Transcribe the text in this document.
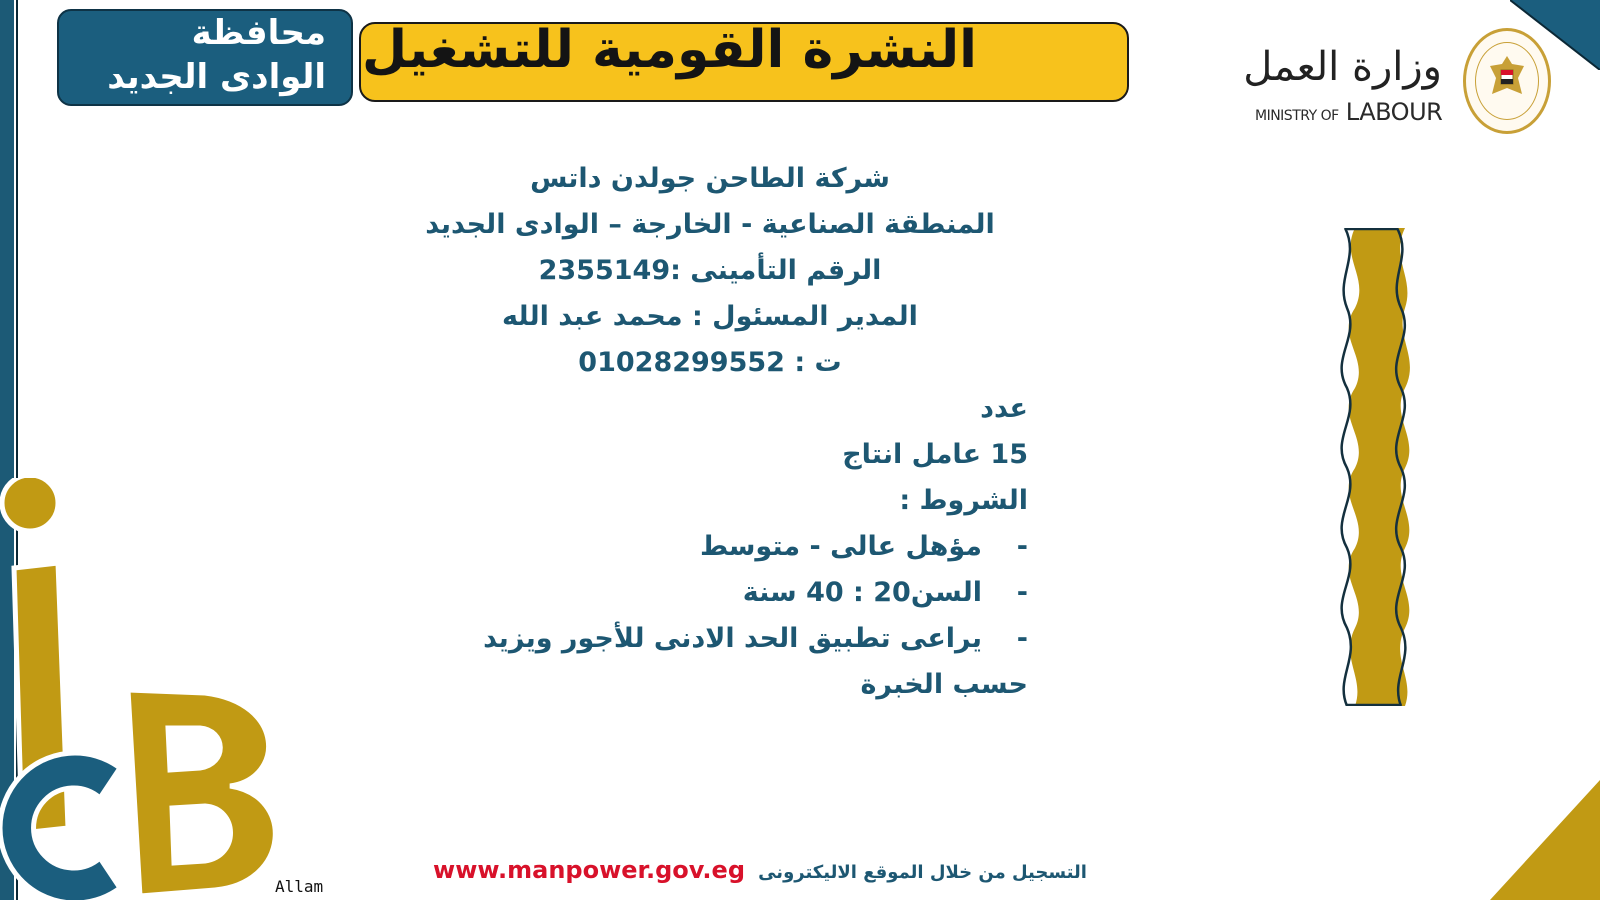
محافظة
الوادى الجديد النشرة القومية للتشغيل	وزارة العمل
MINISTRY OF LABOUR
شركة الطاحن جولدن داتس
المنطقة الصناعية - الخارجة – الوادى الجديد
الرقم التأمينى :2355149
المدير المسئول : محمد عبد الله
ت : 01028299552
عدد
15 عامل انتاج
الشروط :
-
مؤهل عالى - متوسط
-
السن20 : 40 سنة
-
يراعى تطبيق الحد الادنى للأجور ويزيد
حسب الخبرة
التسجيل من خلال الموقع الاليكترونى www.manpower.gov.eg
Allam
